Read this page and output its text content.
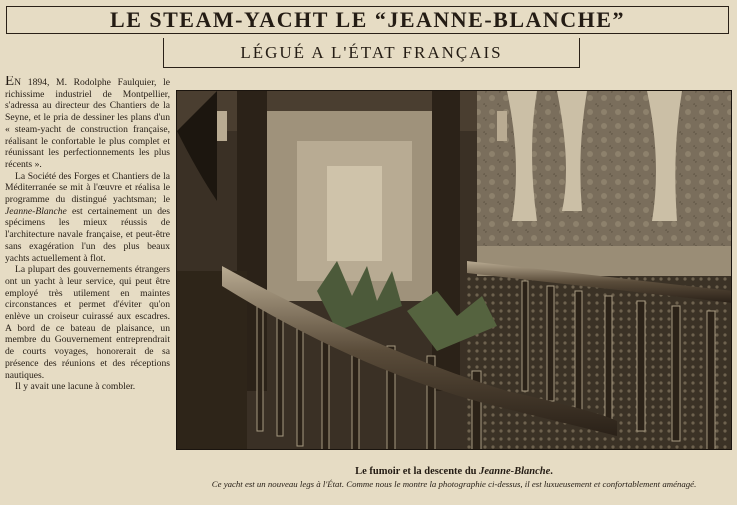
LE STEAM-YACHT LE “JEANNE-BLANCHE”
LÉGUÉ A L'ÉTAT FRANÇAIS

EN 1894, M. Rodolphe Faulquier, le richissime industriel de Montpellier, s'adressa au directeur des Chantiers de la Seyne, et le pria de dessiner les plans d'un « steam-yacht de construction française, réalisant le confortable le plus complet et réunissant les perfectionnements les plus récents ».

La Société des Forges et Chantiers de la Méditerranée se mit à l'œuvre et réalisa le programme du distingué yachtsman; le Jeanne-Blanche est certainement un des spécimens les mieux réussis de l'architecture navale française, et peut-être sans exagération l'un des plus beaux yachts actuellement à flot.

La plupart des gouvernements étrangers ont un yacht à leur service, qui peut être employé très utilement en maintes circonstances et permet d'éviter qu'on enlève un croiseur cuirassé aux escadres. A bord de ce bateau de plaisance, un membre du Gouvernement entreprendrait de courts voyages, honorerait de sa présence des réunions et des réceptions nautiques.

Il y avait une lacune à combler.

Le fumoir et la descente du Jeanne-Blanche.
Ce yacht est un nouveau legs à l'État. Comme nous le montre la photographie ci-dessus, il est luxueusement et confortablement aménagé.
